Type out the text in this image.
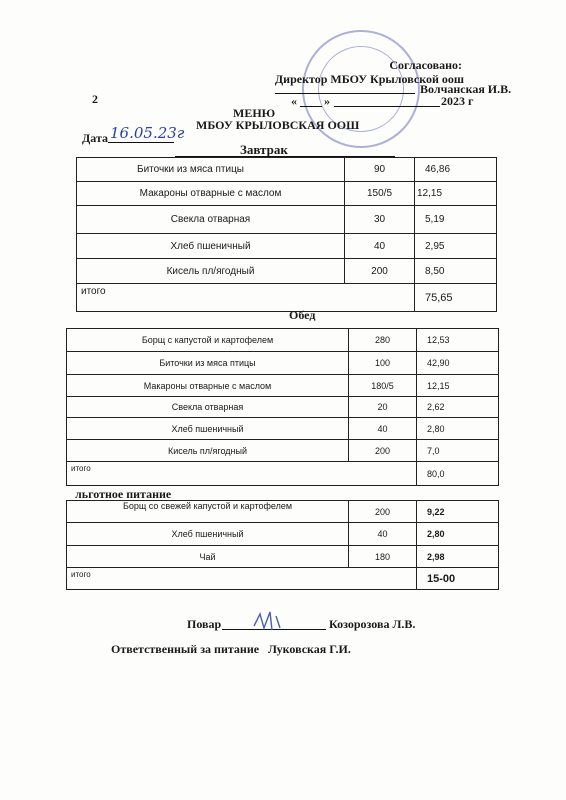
Согласовано:
Директор МБОУ Крыловской оош
Волчанская И.В.
« »	2023 г
2
МЕНЮ
МБОУ КРЫЛОВСКАЯ ООШ
Дата 16.05.23г
Завтрак
Биточки из мяса птицы	90	46,86
Макароны отварные с маслом	150/5	12,15
Свекла отварная	30	5,19
Хлеб пшеничный	40	2,95
Кисель пл/ягодный	200	8,50
итого		75,65
Обед
Борщ с капустой и картофелем	280	12,53
Биточки из мяса птицы	100	42,90
Макароны отварные с маслом	180/5	12,15
Свекла отварная	20	2,62
Хлеб пшеничный	40	2,80
Кисель пл/ягодный	200	7,0
итого		80,0
льготное питание
Борщ со свежей капустой и картофелем	200	9,22
Хлеб пшеничный	40	2,80
Чай	180	2,98
итого		15-00
Повар	Козорозова Л.В.
Ответственный за питание Луковская Г.И.
